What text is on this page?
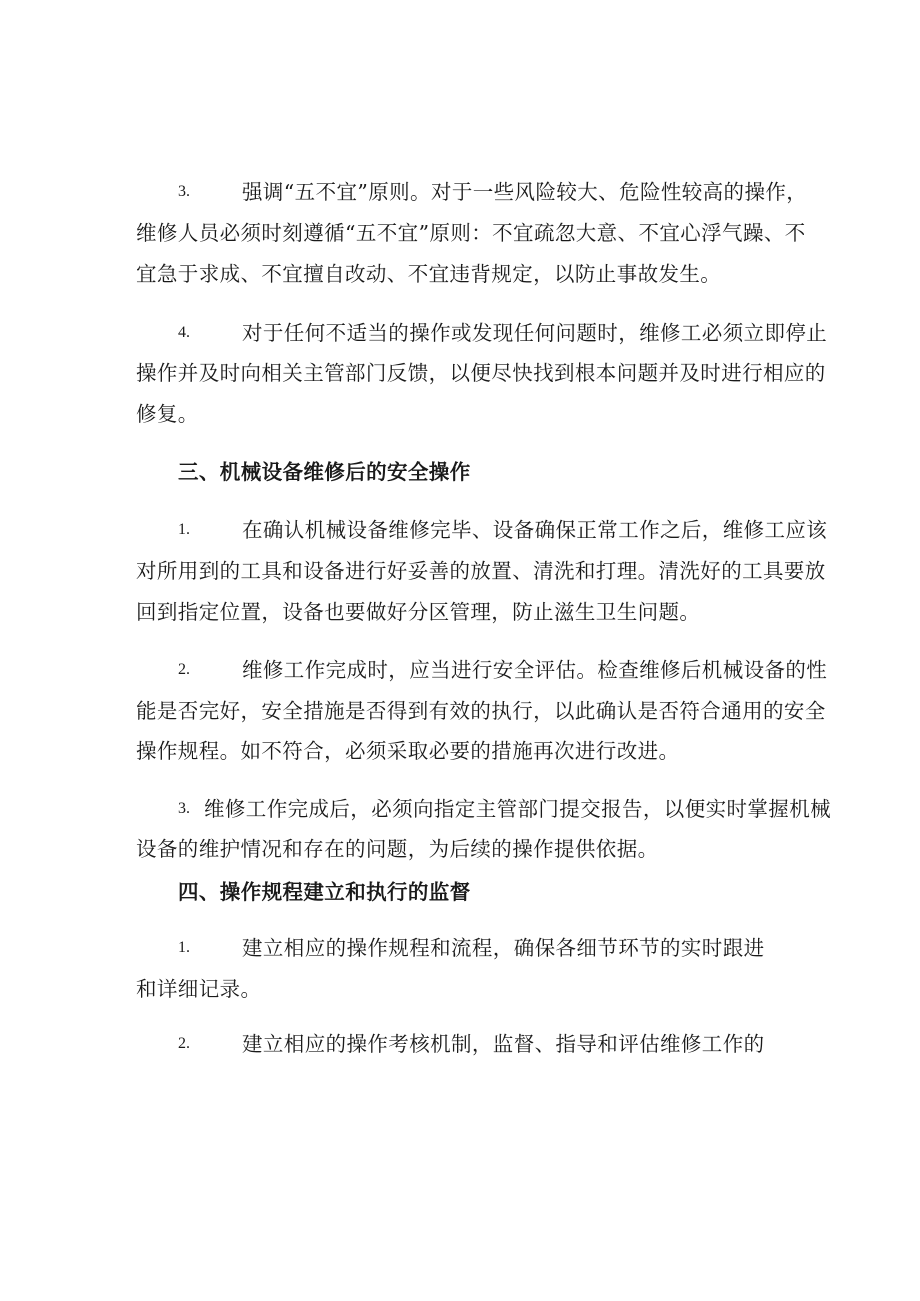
3.	强调“五不宜”原则。对于一些风险较大、危险性较高的操作，
维修人员必须时刻遵循“五不宜”原则：不宜疏忽大意、不宜心浮气躁、不
宜急于求成、不宜擅自改动、不宜违背规定，以防止事故发生。
4.	对于任何不适当的操作或发现任何问题时，维修工必须立即停止
操作并及时向相关主管部门反馈，以便尽快找到根本问题并及时进行相应的
修复。
三、机械设备维修后的安全操作
1.	在确认机械设备维修完毕、设备确保正常工作之后，维修工应该
对所用到的工具和设备进行好妥善的放置、清洗和打理。清洗好的工具要放
回到指定位置，设备也要做好分区管理，防止滋生卫生问题。
2.	维修工作完成时，应当进行安全评估。检查维修后机械设备的性
能是否完好，安全措施是否得到有效的执行，以此确认是否符合通用的安全
操作规程。如不符合，必须采取必要的措施再次进行改进。
3. 维修工作完成后，必须向指定主管部门提交报告，以便实时掌握机械
设备的维护情况和存在的问题，为后续的操作提供依据。
四、操作规程建立和执行的监督
1.	建立相应的操作规程和流程，确保各细节环节的实时跟进
和详细记录。
2.	建立相应的操作考核机制，监督、指导和评估维修工作的
